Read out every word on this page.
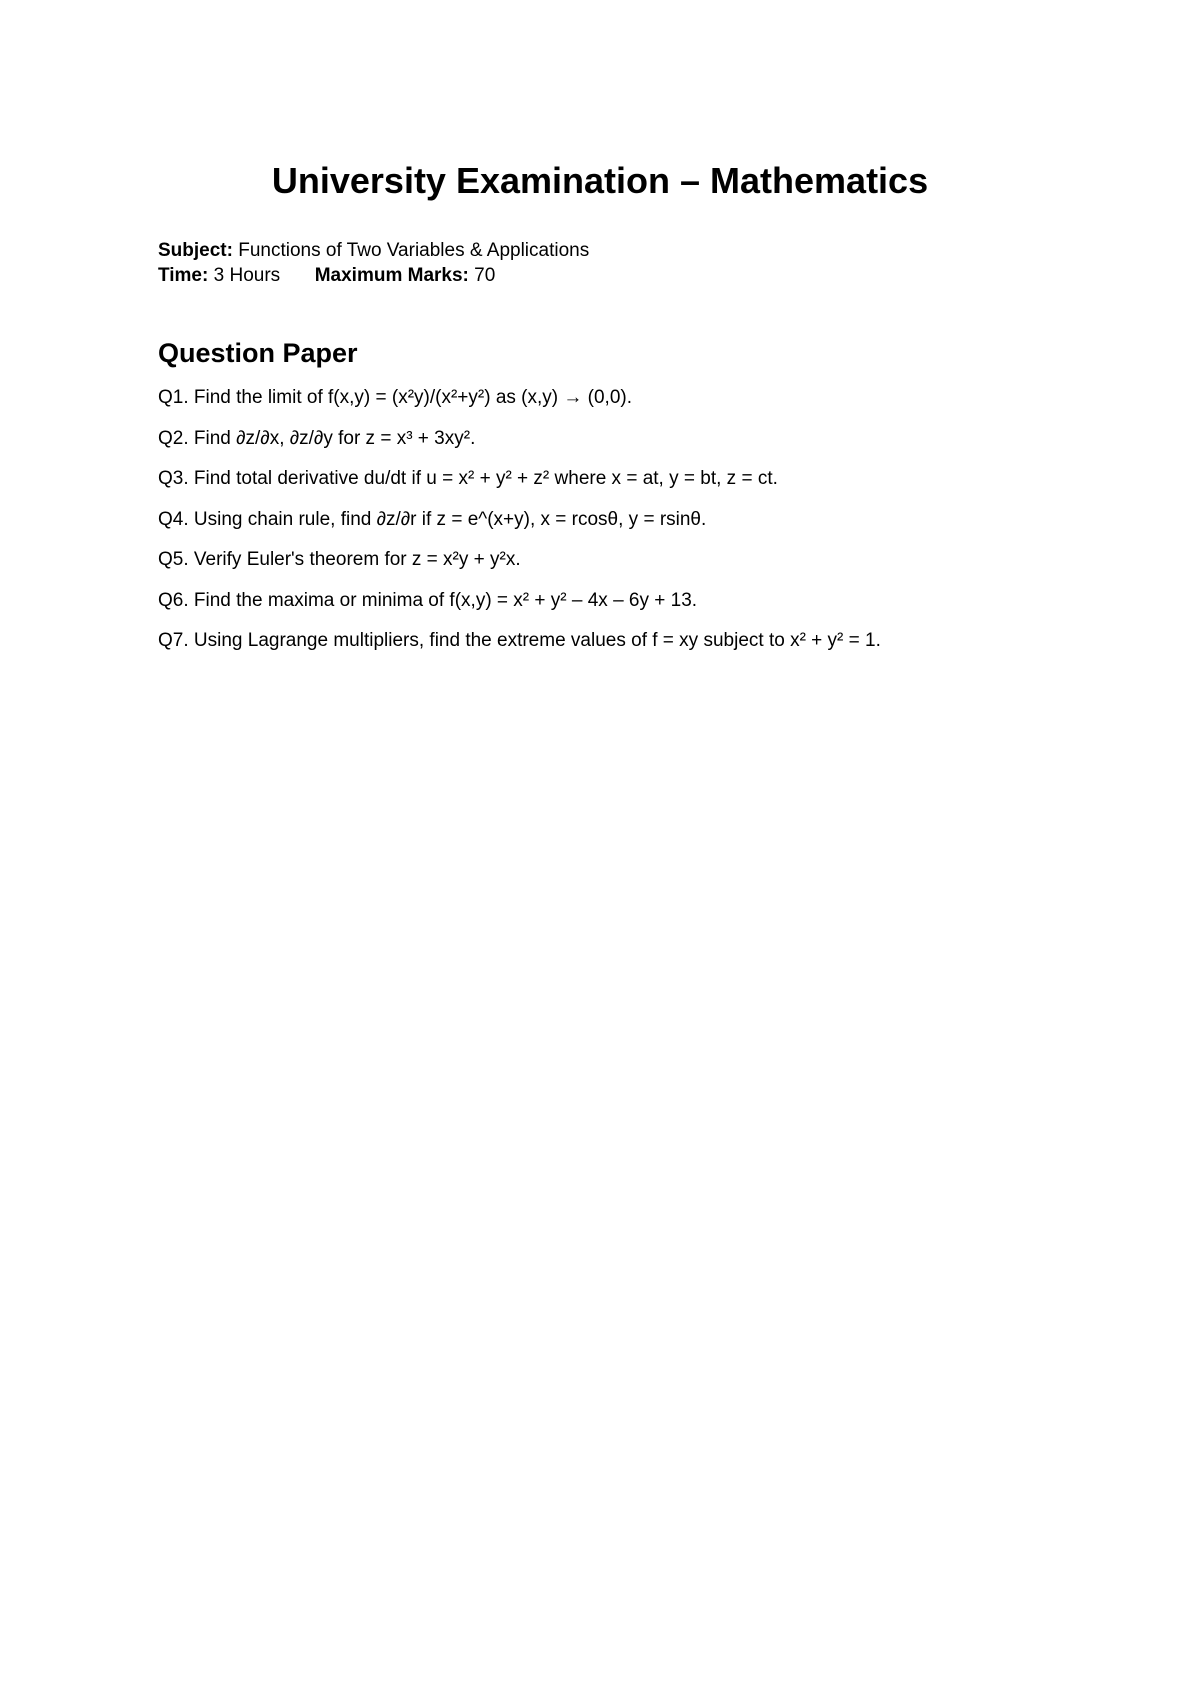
University Examination – Mathematics
Subject: Functions of Two Variables & Applications
Time: 3 Hours Maximum Marks: 70
Question Paper
Q1. Find the limit of f(x,y) = (x²y)/(x²+y²) as (x,y) → (0,0).
Q2. Find ∂z/∂x, ∂z/∂y for z = x³ + 3xy².
Q3. Find total derivative du/dt if u = x² + y² + z² where x = at, y = bt, z = ct.
Q4. Using chain rule, find ∂z/∂r if z = e^(x+y), x = rcosθ, y = rsinθ.
Q5. Verify Euler's theorem for z = x²y + y²x.
Q6. Find the maxima or minima of f(x,y) = x² + y² – 4x – 6y + 13.
Q7. Using Lagrange multipliers, find the extreme values of f = xy subject to x² + y² = 1.
